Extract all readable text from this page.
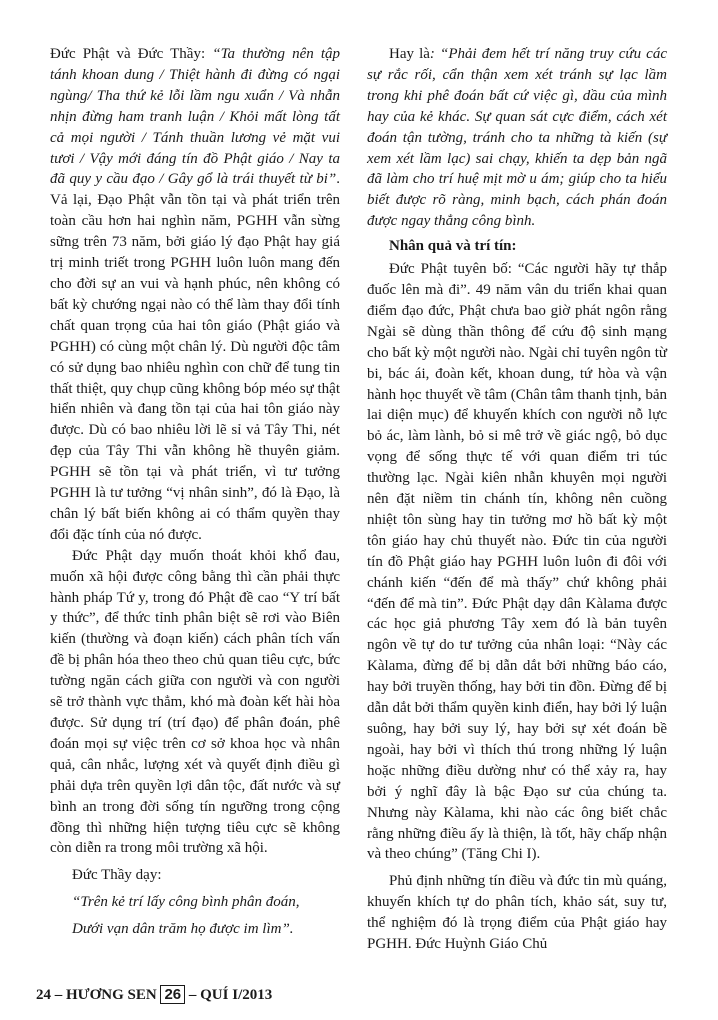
Đức Phật và Đức Thầy: “Ta thường nên tập tánh khoan dung / Thiệt hành đi đừng có ngại ngùng/ Tha thứ kẻ lỗi lầm ngu xuẩn / Và nhẫn nhịn đừng ham tranh luận / Khỏi mất lòng tất cả mọi người / Tánh thuần lương vẻ mặt vui tươi / Vậy mới đáng tín đồ Phật giáo / Nay ta đã quy y cầu đạo / Gây gổ là trái thuyết từ bi”. Vả lại, Đạo Phật vẫn tồn tại và phát triển trên toàn cầu hơn hai nghìn năm, PGHH vẫn sừng sững trên 73 năm, bởi giáo lý đạo Phật hay giá trị minh triết trong PGHH luôn luôn mang đến cho đời sự an vui và hạnh phúc, nên không có bất kỳ chướng ngại nào có thể làm thay đổi tính chất quan trọng của hai tôn giáo (Phật giáo và PGHH) có cùng một chân lý. Dù người độc tâm có sử dụng bao nhiêu nghìn con chữ để tung tin thất thiệt, quy chụp cũng không bóp méo sự thật hiển nhiên và đang tồn tại của hai tôn giáo này được. Dù có bao nhiêu lời lẽ sỉ vả Tây Thi, nét đẹp của Tây Thi vẫn không hề thuyên giảm. PGHH sẽ tồn tại và phát triển, vì tư tưởng PGHH là tư tưởng “vị nhân sinh”, đó là Đạo, là chân lý bất biến không ai có thẩm quyền thay đổi đặc tính của nó được.

Đức Phật dạy muốn thoát khỏi khổ đau, muốn xã hội được công bằng thì cần phải thực hành pháp Tứ y, trong đó Phật đề cao “Y trí bất y thức”, để thức tỉnh phân biệt sẽ rơi vào Biên kiến (thường và đoạn kiến) cách phân tích vấn đề bị phân hóa theo theo chủ quan tiêu cực, bức tường ngăn cách giữa con người và con người sẽ trở thành vực thẳm, khó mà đoàn kết hài hòa được. Sử dụng trí (trí đạo) để phân đoán, phê đoán mọi sự việc trên cơ sở khoa học và nhân quả, cân nhắc, lượng xét và quyết định điều gì phải dựa trên quyền lợi dân tộc, đất nước và sự bình an trong đời sống tín ngưỡng trong cộng đồng thì những hiện tượng tiêu cực sẽ không còn diễn ra trong môi trường xã hội.

Đức Thầy dạy:

“Trên kẻ trí lấy công bình phân đoán,

Dưới vạn dân trăm họ được im lìm”.

Hay là: “Phải đem hết trí năng truy cứu các sự rắc rối, cẩn thận xem xét tránh sự lạc lầm trong khi phê đoán bất cứ việc gì, dầu của mình hay của kẻ khác. Sự quan sát cực điểm, cách xét đoán tận tường, tránh cho ta những tà kiến (sự xem xét lầm lạc) sai chạy, khiến ta dẹp bản ngã đã làm cho trí huệ mịt mờ u ám; giúp cho ta hiểu biết được rõ ràng, minh bạch, cách phán đoán được ngay thẳng công bình.

Nhân quả và trí tín:

Đức Phật tuyên bố: “Các người hãy tự thắp đuốc lên mà đi”. 49 năm vân du triển khai quan điểm đạo đức, Phật chưa bao giờ phát ngôn rằng Ngài sẽ dùng thần thông để cứu độ sinh mạng cho bất kỳ một người nào. Ngài chỉ tuyên ngôn từ bi, bác ái, đoàn kết, khoan dung, tứ hòa và vận hành học thuyết về tâm (Chân tâm thanh tịnh, bản lai diện mục) để khuyến khích con người nỗ lực bỏ ác, làm lành, bỏ si mê trở về giác ngộ, bỏ dục vọng để sống thực tế với quan điểm tri túc thường lạc. Ngài kiên nhẫn khuyên mọi người nên đặt niềm tin chánh tín, không nên cuồng nhiệt tôn sùng hay tin tưởng mơ hồ bất kỳ một tôn giáo hay chủ thuyết nào. Đức tin của người tín đồ Phật giáo hay PGHH luôn luôn đi đôi với chánh kiến “đến để mà thấy” chứ không phải “đến để mà tin”. Đức Phật dạy dân Kàlama được các học giả phương Tây xem đó là bản tuyên ngôn về tự do tư tưởng của nhân loại: “Này các Kàlama, đừng để bị dẫn dắt bởi những báo cáo, hay bởi truyền thống, hay bởi tin đồn. Đừng để bị dẫn dắt bởi thẩm quyền kinh điển, hay bởi lý luận suông, hay bởi suy lý, hay bởi sự xét đoán bề ngoài, hay bởi vì thích thú trong những lý luận hoặc những điều dường như có thể xảy ra, hay bởi ý nghĩ đây là bậc Đạo sư của chúng ta. Nhưng này Kàlama, khi nào các ông biết chắc rằng những điều ấy là thiện, là tốt, hãy chấp nhận và theo chúng” (Tăng Chi I).

Phủ định những tín điều và đức tin mù quáng, khuyến khích tự do phân tích, khảo sát, suy tư, thể nghiệm đó là trọng điểm của Phật giáo hay PGHH. Đức Huỳnh Giáo Chủ

24 – HƯƠNG SEN 26 – QUÍ I/2013
